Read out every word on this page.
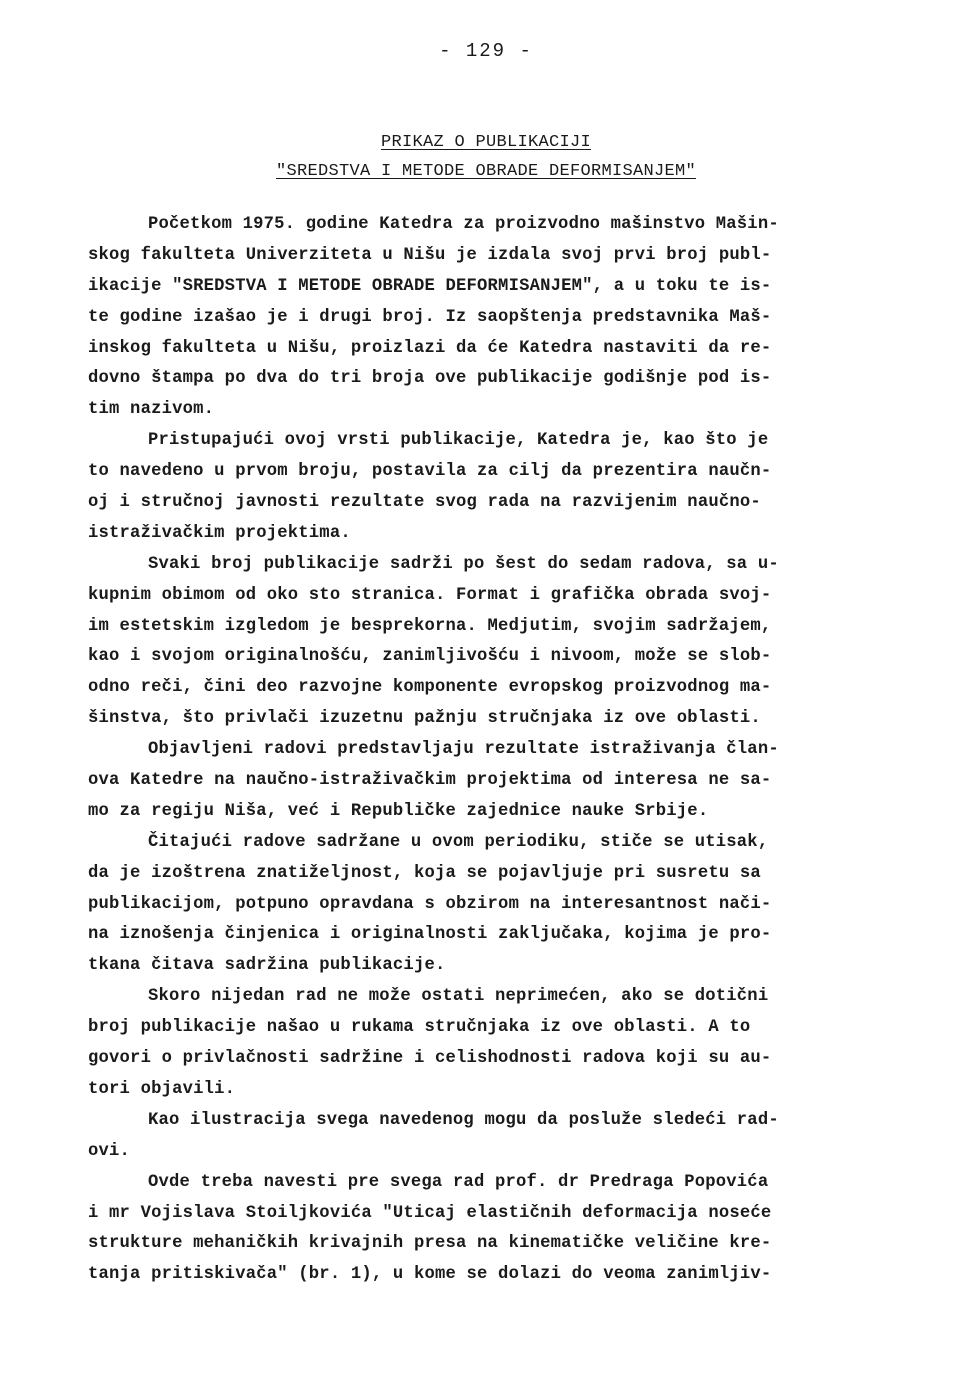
- 129 -
PRIKAZ O PUBLIKACIJI
"SREDSTVA I METODE OBRADE DEFORMISANJEM"
Početkom 1975. godine Katedra za proizvodno mašinstvo Mašin-
skog fakulteta Univerziteta u Nišu je izdala svoj prvi broj publ-
ikacije "SREDSTVA I METODE OBRADE DEFORMISANJEM", a u toku te is-
te godine izašao je i drugi broj. Iz saopštenja predstavnika Maš-
inskog fakulteta u Nišu, proizlazi da će Katedra nastaviti da re-
dovno štampa po dva do tri broja ove publikacije godišnje pod is-
tim nazivom.
Pristupajući ovoj vrsti publikacije, Katedra je, kao što je
to navedeno u prvom broju, postavila za cilj da prezentira naučn-
oj i stručnoj javnosti rezultate svog rada na razvijenim naučno-
istraživačkim projektima.
Svaki broj publikacije sadrži po šest do sedam radova, sa u-
kupnim obimom od oko sto stranica. Format i grafička obrada svoj-
im estetskim izgledom je besprekorna. Medjutim, svojim sadržajem,
kao i svojom originalnošću, zanimljivošću i nivoom, može se slob-
odno reči, čini deo razvojne komponente evropskog proizvodnog ma-
šinstva, što privlači izuzetnu pažnju stručnjaka iz ove oblasti.
Objavljeni radovi predstavljaju rezultate istraživanja član-
ova Katedre na naučno-istraživačkim projektima od interesa ne sa-
mo za regiju Niša, već i Republičke zajednice nauke Srbije.
Čitajući radove sadržane u ovom periodiku, stiče se utisak,
da je izoštrena znatiželjnost, koja se pojavljuje pri susretu sa
publikacijom, potpuno opravdana s obzirom na interesantnost nači-
na iznošenja činjenica i originalnosti zaključaka, kojima je pro-
tkana čitava sadržina publikacije.
Skoro nijedan rad ne može ostati neprimećen, ako se dotični
broj publikacije našao u rukama stručnjaka iz ove oblasti. A to
govori o privlačnosti sadržine i celishodnosti radova koji su au-
tori objavili.
Kao ilustracija svega navedenog mogu da posluže sledeći rad-
ovi.
Ovde treba navesti pre svega rad prof. dr Predraga Popovića
i mr Vojislava Stoiljkovića "Uticaj elastičnih deformacija noseće
strukture mehaničkih krivajnih presa na kinematičke veličine kre-
tanja pritiskivača" (br. 1), u kome se dolazi do veoma zanimljiv-
